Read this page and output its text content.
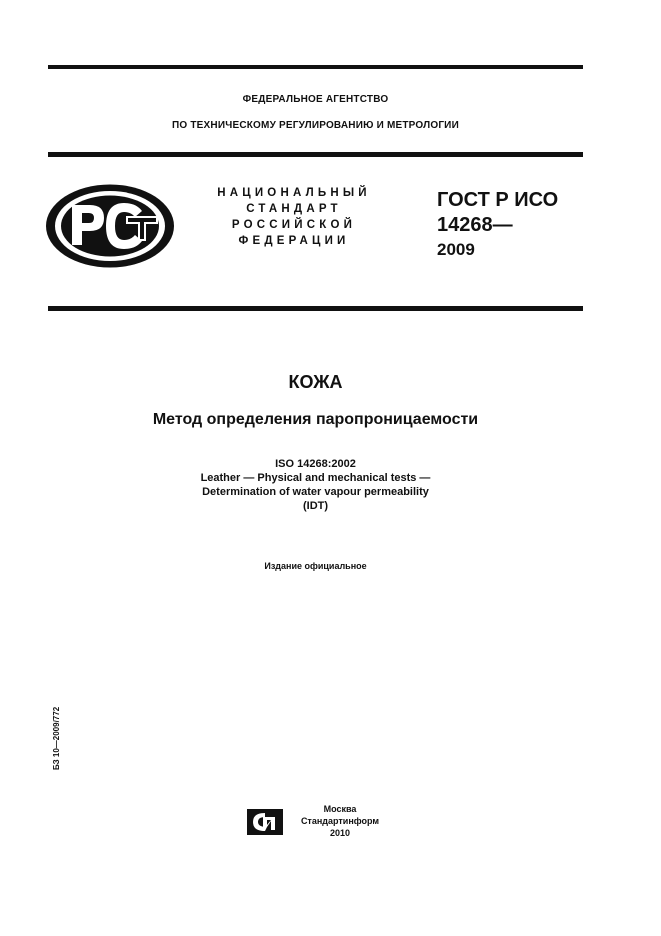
ФЕДЕРАЛЬНОЕ АГЕНТСТВО
ПО ТЕХНИЧЕСКОМУ РЕГУЛИРОВАНИЮ И МЕТРОЛОГИИ
НАЦИОНАЛЬНЫЙ
СТАНДАРТ
РОССИЙСКОЙ
ФЕДЕРАЦИИ
ГОСТ Р ИСО
14268—
2009
КОЖА
Метод определения паропроницаемости
ISO 14268:2002
Leather — Physical and mechanical tests —
Determination of water vapour permeability
(IDT)
Издание официальное
БЗ 10—2009/772
Москва
Стандартинформ
2010
